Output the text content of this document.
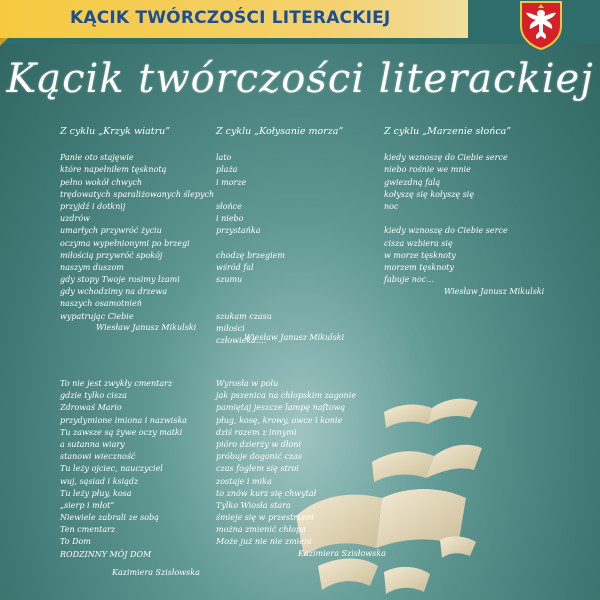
KĄCIK TWÓRCZOŚCI LITERACKIEJ
Kącik twórczości literackiej
Z cyklu „Krzyk wiatru”
Panie oto stajęwie
które napełniłem tęsknotą
pełno wokół chwych
trędowatych sparaliżowanych ślepych
przyjdź i dotknij
uzdrów
umarłych przywróć życiu
oczyma wypełnionymi po brzegi
miłością przywróć spokój
naszym duszom
gdy stopy Twoje rosimy łzami
gdy wchodzimy na drzewa
naszych osamotnień
wypatrując Ciebie
Wiesław Janusz Mikulski
Z cyklu „Kołysanie morza”
lato
plaża
i morze
słońce
i niebo
przystańka
chodzę brzegiem
wśród fal
szumu
szukam czasu
miłości
człowieka….
Wiesław Janusz Mikulski
Z cyklu „Marzenie słońca”
kiedy wznoszę do Ciebie serce
niebo rośnie we mnie
gwiezdną falą
kołyszę się kołyszę się
noc
kiedy wznoszę do Ciebie serce
cisza wzbiera się
w morze tęsknoty
morzem tęsknoty
fabuje noc…
Wiesław Janusz Mikulski
To nie jest zwykły cmentarz
gdzie tylko cisza
Zdrowaś Mario
przydymione imiona i nazwiska
Tu zawsze są żywe oczy matki
a sutanna wiary
stanowi wieczność
Tu leży ojciec, nauczyciel
wuj, sąsiad i ksiądz
Tu leży płuy, kosa
„sierp i młot”
Niewiele zabrali ze sobą
Ten cmentarz
To Dom
RODZINNY MÓJ DOM
Kazimiera Szisłowska
Wyrosła w polu
jak pszenica na chłopskim zagonie
pamiętaj jeszcze lampę naftową
pług, kosę, krowy, owce i konie
dziś razem z innymi
pióro dzierży w dłoni
próbuje dogonić czas
czas fogłem się stroi
zostaje i mika
to znów kurz się chwytał
Tylko Wiosła stara
śmieje się w przestrzeni
można zmienić chłopa
Może już nie nie zmieni
Kazimiera Szisłowska
